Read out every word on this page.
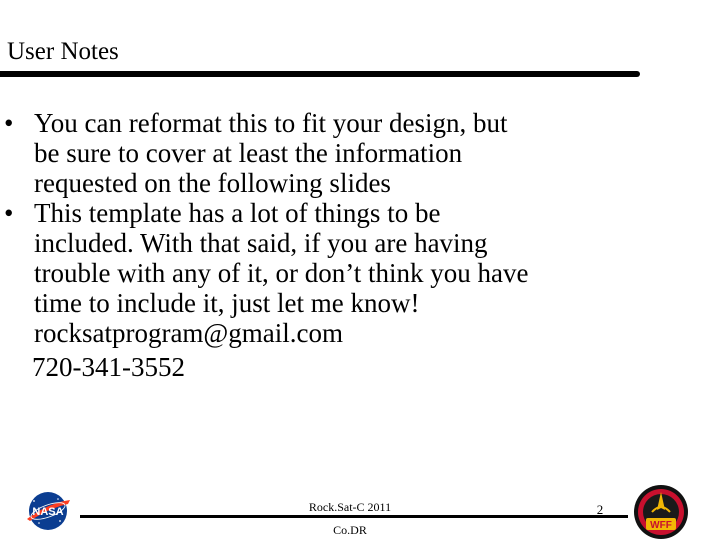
User Notes
• You can reformat this to fit your design, but
be sure to cover at least the information
requested on the following slides
• This template has a lot of things to be
included. With that said, if you are having
trouble with any of it, or don’t think you have
time to include it, just let me know!
rocksatprogram@gmail.com
720-341-3552
NASA	Rock.Sat-C 2011
Co.DR
2
WFF
